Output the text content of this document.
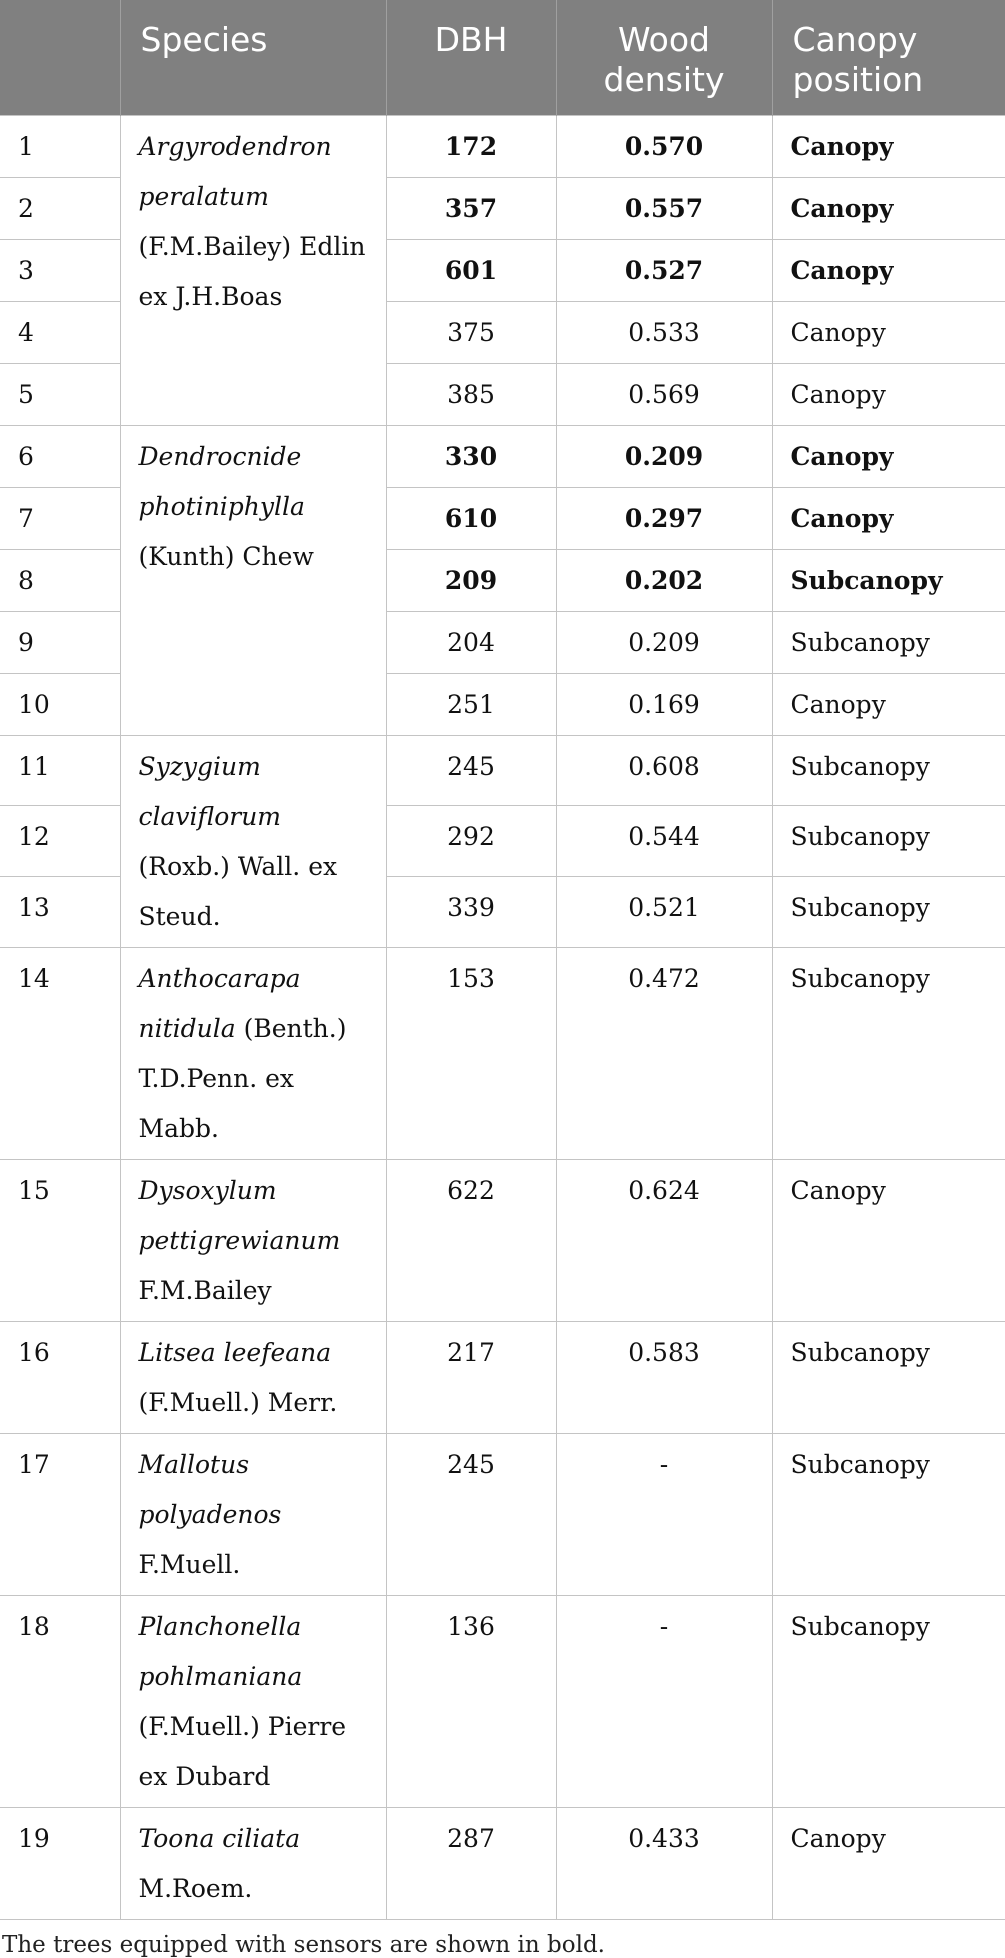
	Species	DBH	Wood density	Canopy position
1	Argyrodendron peralatum (F.M.Bailey) Edlin ex J.H.Boas	172	0.570	Canopy
2		357	0.557	Canopy
3		601	0.527	Canopy
4		375	0.533	Canopy
5		385	0.569	Canopy
6	Dendrocnide photiniphylla (Kunth) Chew	330	0.209	Canopy
7		610	0.297	Canopy
8		209	0.202	Subcanopy
9		204	0.209	Subcanopy
10		251	0.169	Canopy
11	Syzygium claviflorum (Roxb.) Wall. ex Steud.	245	0.608	Subcanopy
12		292	0.544	Subcanopy
13		339	0.521	Subcanopy
14	Anthocarapa nitidula (Benth.) T.D.Penn. ex Mabb.	153	0.472	Subcanopy
15	Dysoxylum pettigrewianum F.M.Bailey	622	0.624	Canopy
16	Litsea leefeana (F.Muell.) Merr.	217	0.583	Subcanopy
17	Mallotus polyadenos F.Muell.	245	-	Subcanopy
18	Planchonella pohlmaniana (F.Muell.) Pierre ex Dubard	136	-	Subcanopy
19	Toona ciliata M.Roem.	287	0.433	Canopy
The trees equipped with sensors are shown in bold.
